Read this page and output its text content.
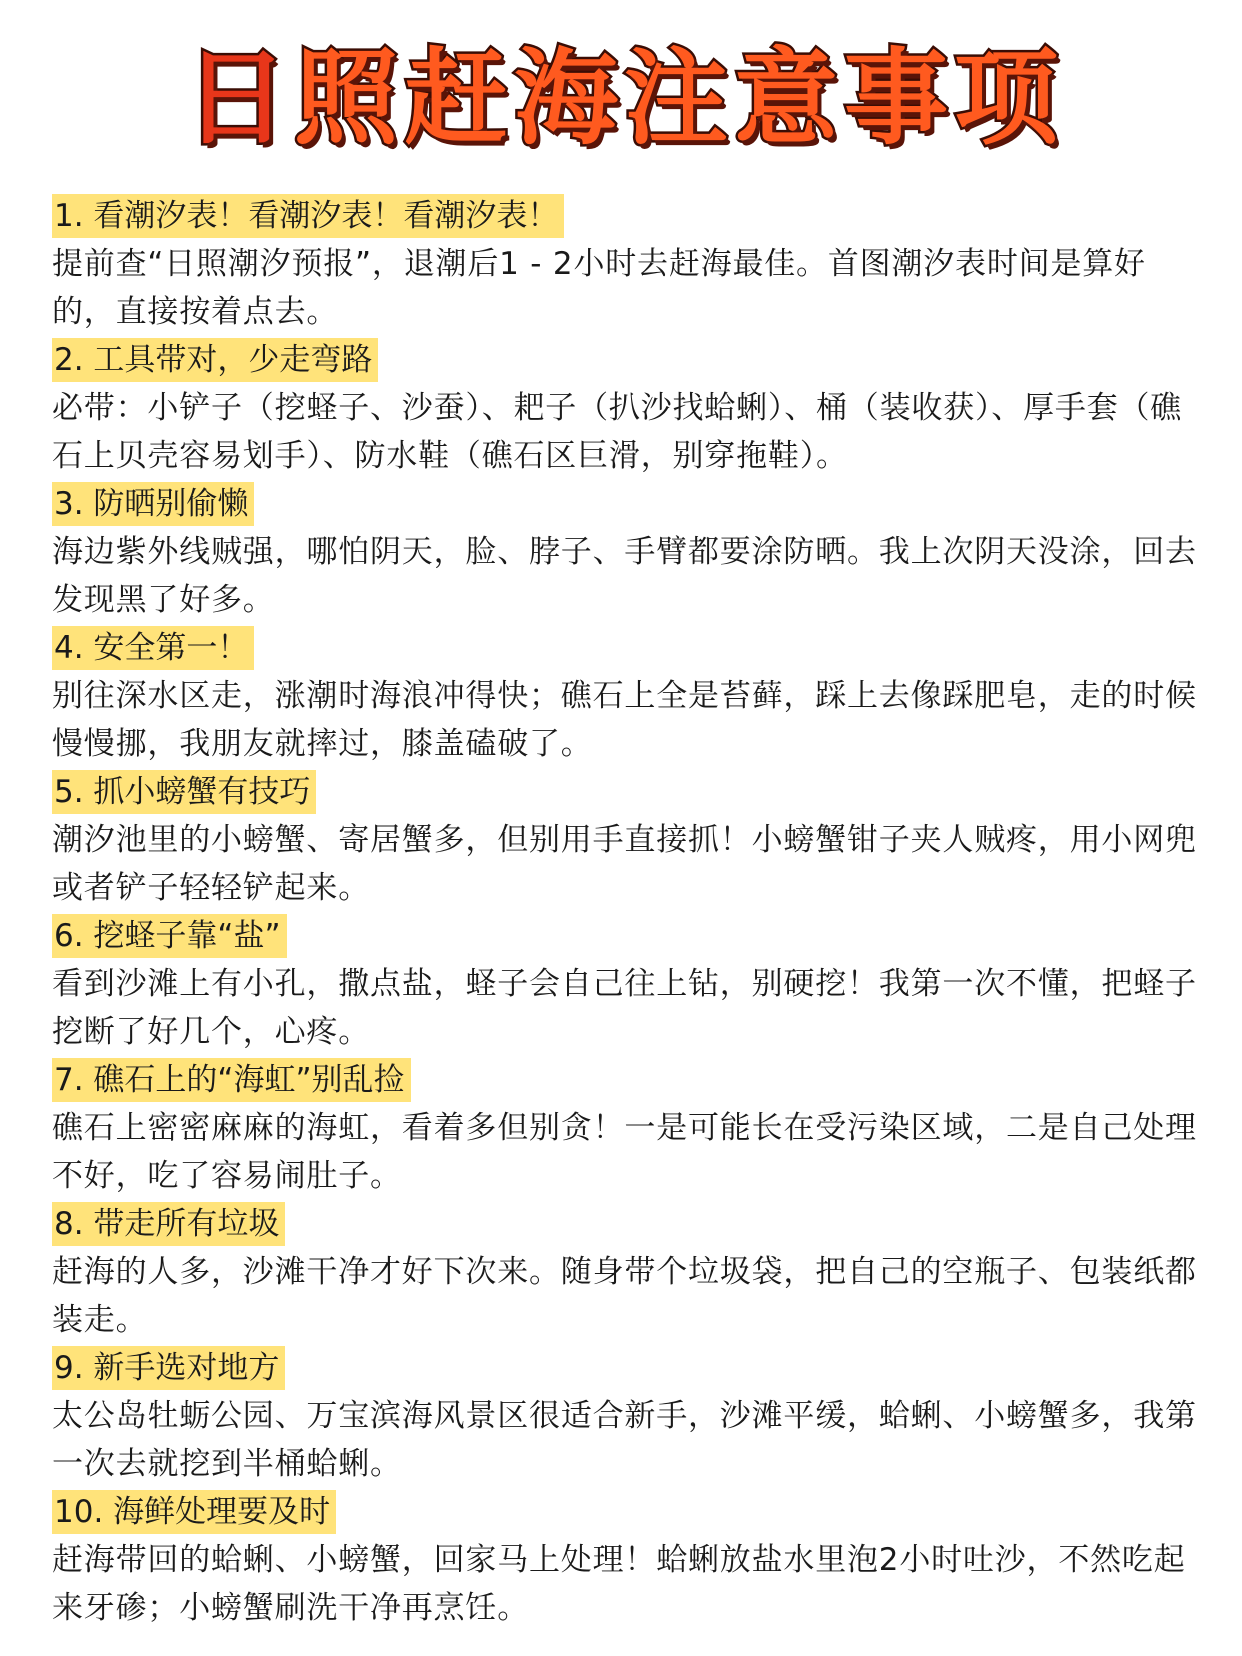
日 照 赶 海 注 意 事 项
1. 看潮汐表！看潮汐表！看潮汐表！

提前查“日照潮汐预报”，退潮后1 - 2小时去赶海最佳。首图潮汐表时间是算好的，直接按着点去。

2. 工具带对，少走弯路

必带：小铲子（挖蛏子、沙蚕）、耙子（扒沙找蛤蜊）、桶（装收获）、厚手套（礁石上贝壳容易划手）、防水鞋（礁石区巨滑，别穿拖鞋）。

3. 防晒别偷懒

海边紫外线贼强，哪怕阴天，脸、脖子、手臂都要涂防晒。我上次阴天没涂，回去发现黑了好多。

4. 安全第一！

别往深水区走，涨潮时海浪冲得快；礁石上全是苔藓，踩上去像踩肥皂，走的时候慢慢挪，我朋友就摔过，膝盖磕破了。

5. 抓小螃蟹有技巧

潮汐池里的小螃蟹、寄居蟹多，但别用手直接抓！小螃蟹钳子夹人贼疼，用小网兜或者铲子轻轻铲起来。

6. 挖蛏子靠“盐”

看到沙滩上有小孔，撒点盐，蛏子会自己往上钻，别硬挖！我第一次不懂，把蛏子挖断了好几个，心疼。

7. 礁石上的“海虹”别乱捡

礁石上密密麻麻的海虹，看着多但别贪！一是可能长在受污染区域，二是自己处理不好，吃了容易闹肚子。

8. 带走所有垃圾

赶海的人多，沙滩干净才好下次来。随身带个垃圾袋，把自己的空瓶子、包装纸都装走。

9. 新手选对地方

太公岛牡蛎公园、万宝滨海风景区很适合新手，沙滩平缓，蛤蜊、小螃蟹多，我第一次去就挖到半桶蛤蜊。

10. 海鲜处理要及时

赶海带回的蛤蜊、小螃蟹，回家马上处理！蛤蜊放盐水里泡2小时吐沙，不然吃起来牙碜；小螃蟹刷洗干净再烹饪。
